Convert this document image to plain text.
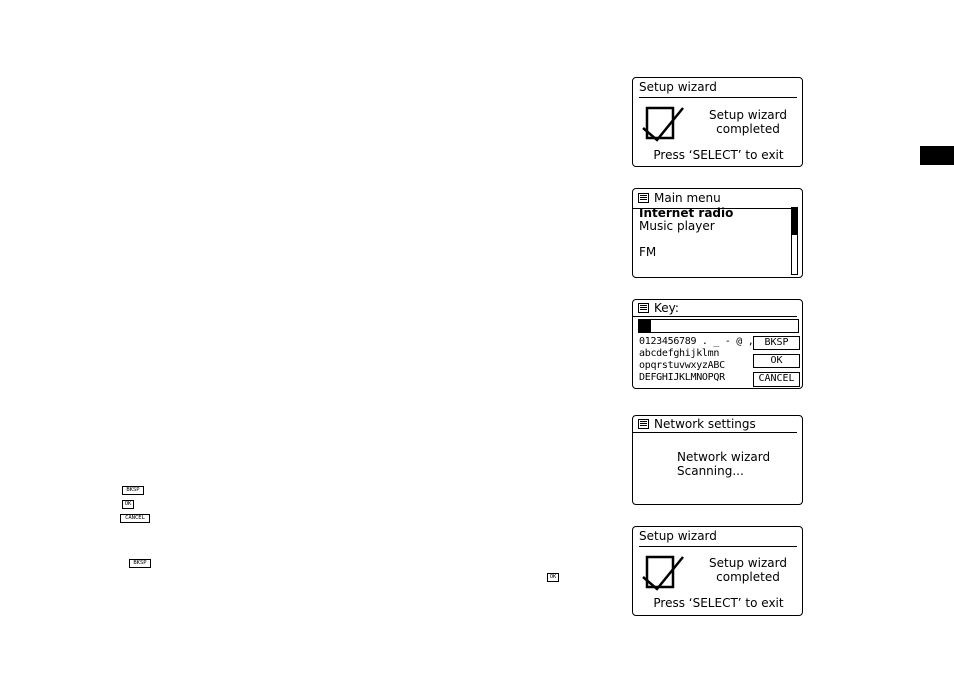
Setup wizard
Setup wizard
completed
Press ‘SELECT’ to exit
Main menu
Internet radio
Music player
FM
Key:
0123456789 . _ - @ ,
abcdefghijklmn
opqrstuvwxyzABC
DEFGHIJKLMNOPQR
BKSP
OK
CANCEL
Network settings
Network wizard
Scanning...
Setup wizard
Setup wizard
completed
Press ‘SELECT’ to exit
BKSP
OK
CANCEL
BKSP
OK
